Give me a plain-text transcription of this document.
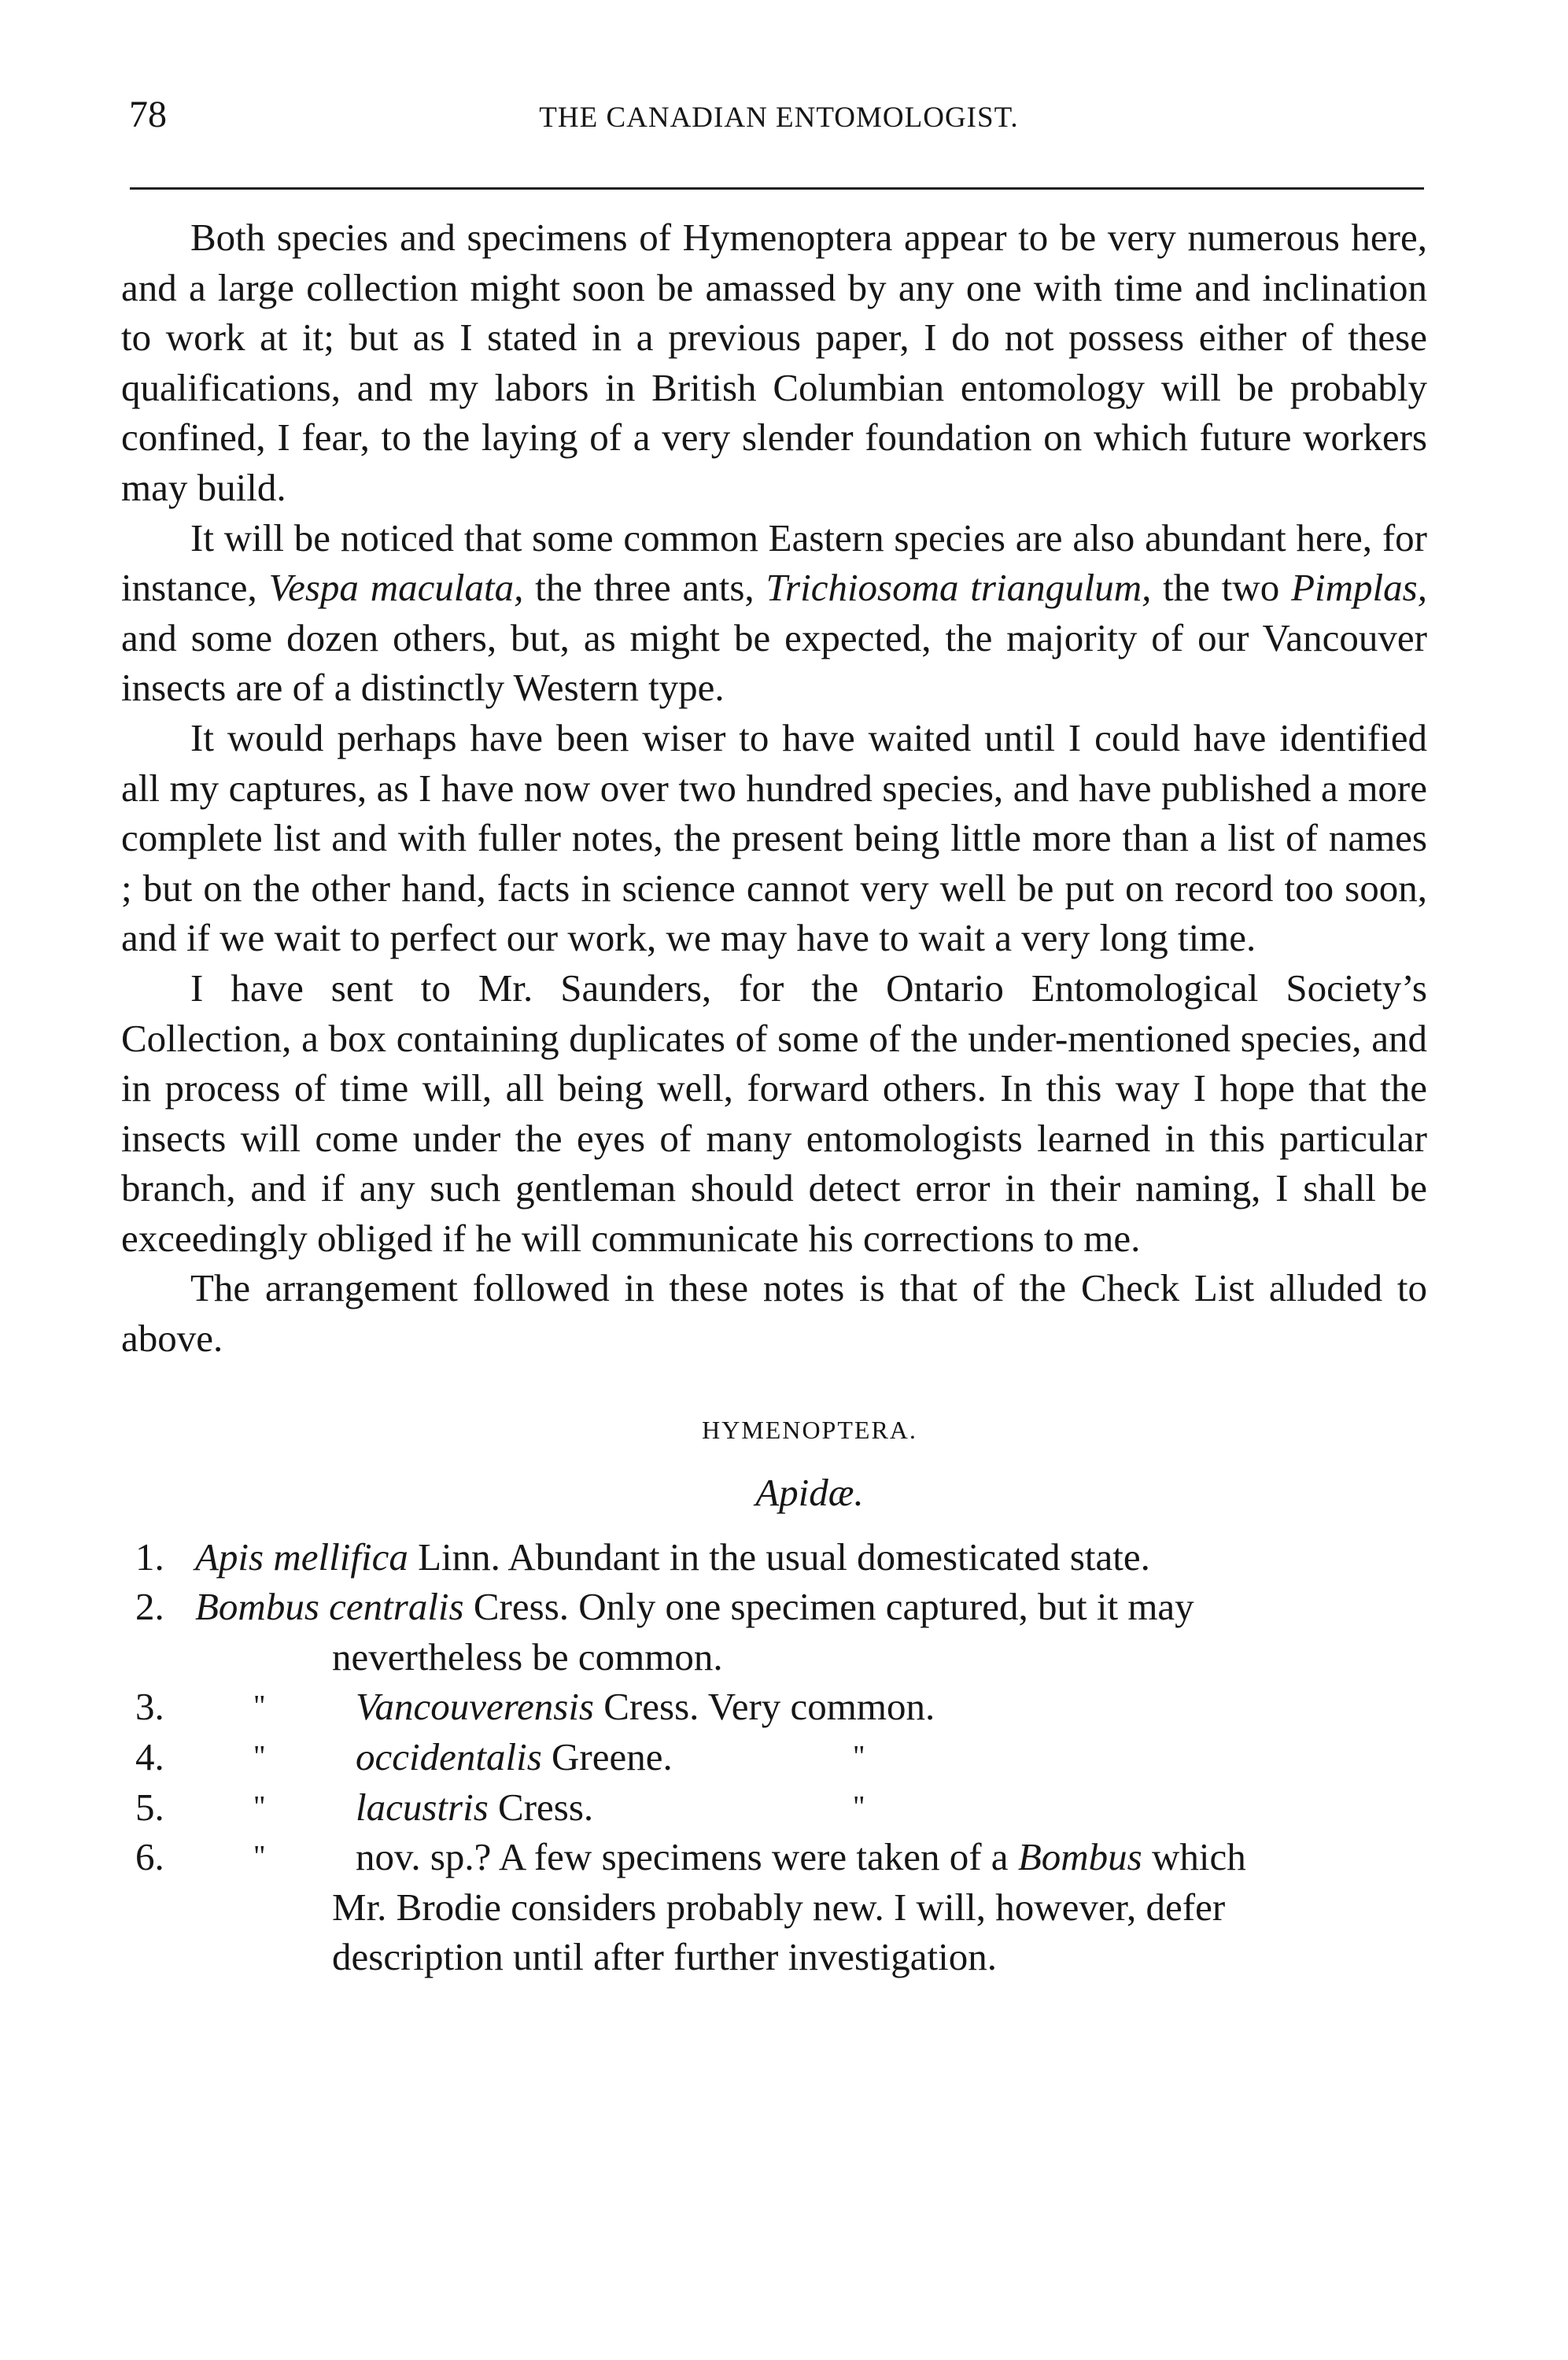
78	THE CANADIAN ENTOMOLOGIST.

Both species and specimens of Hymenoptera appear to be very numerous here, and a large collection might soon be amassed by any one with time and inclination to work at it; but as I stated in a previous paper, I do not possess either of these qualifications, and my labors in British Columbian entomology will be probably confined, I fear, to the laying of a very slender foundation on which future workers may build.

It will be noticed that some common Eastern species are also abundant here, for instance, Vespa maculata, the three ants, Trichiosoma triangulum, the two Pimplas, and some dozen others, but, as might be expected, the majority of our Vancouver insects are of a distinctly Western type.

It would perhaps have been wiser to have waited until I could have identified all my captures, as I have now over two hundred species, and have published a more complete list and with fuller notes, the present being little more than a list of names ; but on the other hand, facts in science cannot very well be put on record too soon, and if we wait to perfect our work, we may have to wait a very long time.

I have sent to Mr. Saunders, for the Ontario Entomological Society’s Collection, a box containing duplicates of some of the under-mentioned species, and in process of time will, all being well, forward others. In this way I hope that the insects will come under the eyes of many entomologists learned in this particular branch, and if any such gentleman should detect error in their naming, I shall be exceedingly obliged if he will communicate his corrections to me.

The arrangement followed in these notes is that of the Check List alluded to above.

HYMENOPTERA.
Apidæ.
1. Apis mellifica Linn. Abundant in the usual domesticated state.
2. Bombus centralis Cress. Only one specimen captured, but it may
nevertheless be common.
3.	" Vancouverensis Cress. Very common.
4.	" occidentalis Greene.	"
5.	" lacustris Cress.	"
6.	" nov. sp.? A few specimens were taken of a Bombus which
Mr. Brodie considers probably new. I will, however, defer
description until after further investigation.
